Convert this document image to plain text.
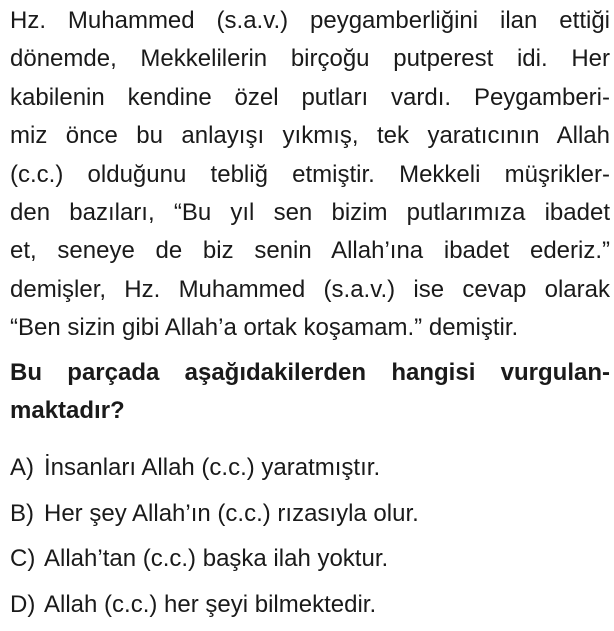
Hz. Muhammed (s.a.v.) peygamberliğini ilan ettiği
dönemde, Mekkelilerin birçoğu putperest idi. Her
kabilenin kendine özel putları vardı. Peygamberi-
miz önce bu anlayışı yıkmış, tek yaratıcının Allah
(c.c.) olduğunu tebliğ etmiştir. Mekkeli müşrikler-
den bazıları, “Bu yıl sen bizim putlarımıza ibadet
et, seneye de biz senin Allah’ına ibadet ederiz.”
demişler, Hz. Muhammed (s.a.v.) ise cevap olarak
“Ben sizin gibi Allah’a ortak koşamam.” demiştir.
Bu parçada aşağıdakilerden hangisi vurgulan-
maktadır?
A) İnsanları Allah (c.c.) yaratmıştır.
B) Her şey Allah’ın (c.c.) rızasıyla olur.
C) Allah’tan (c.c.) başka ilah yoktur.
D) Allah (c.c.) her şeyi bilmektedir.
